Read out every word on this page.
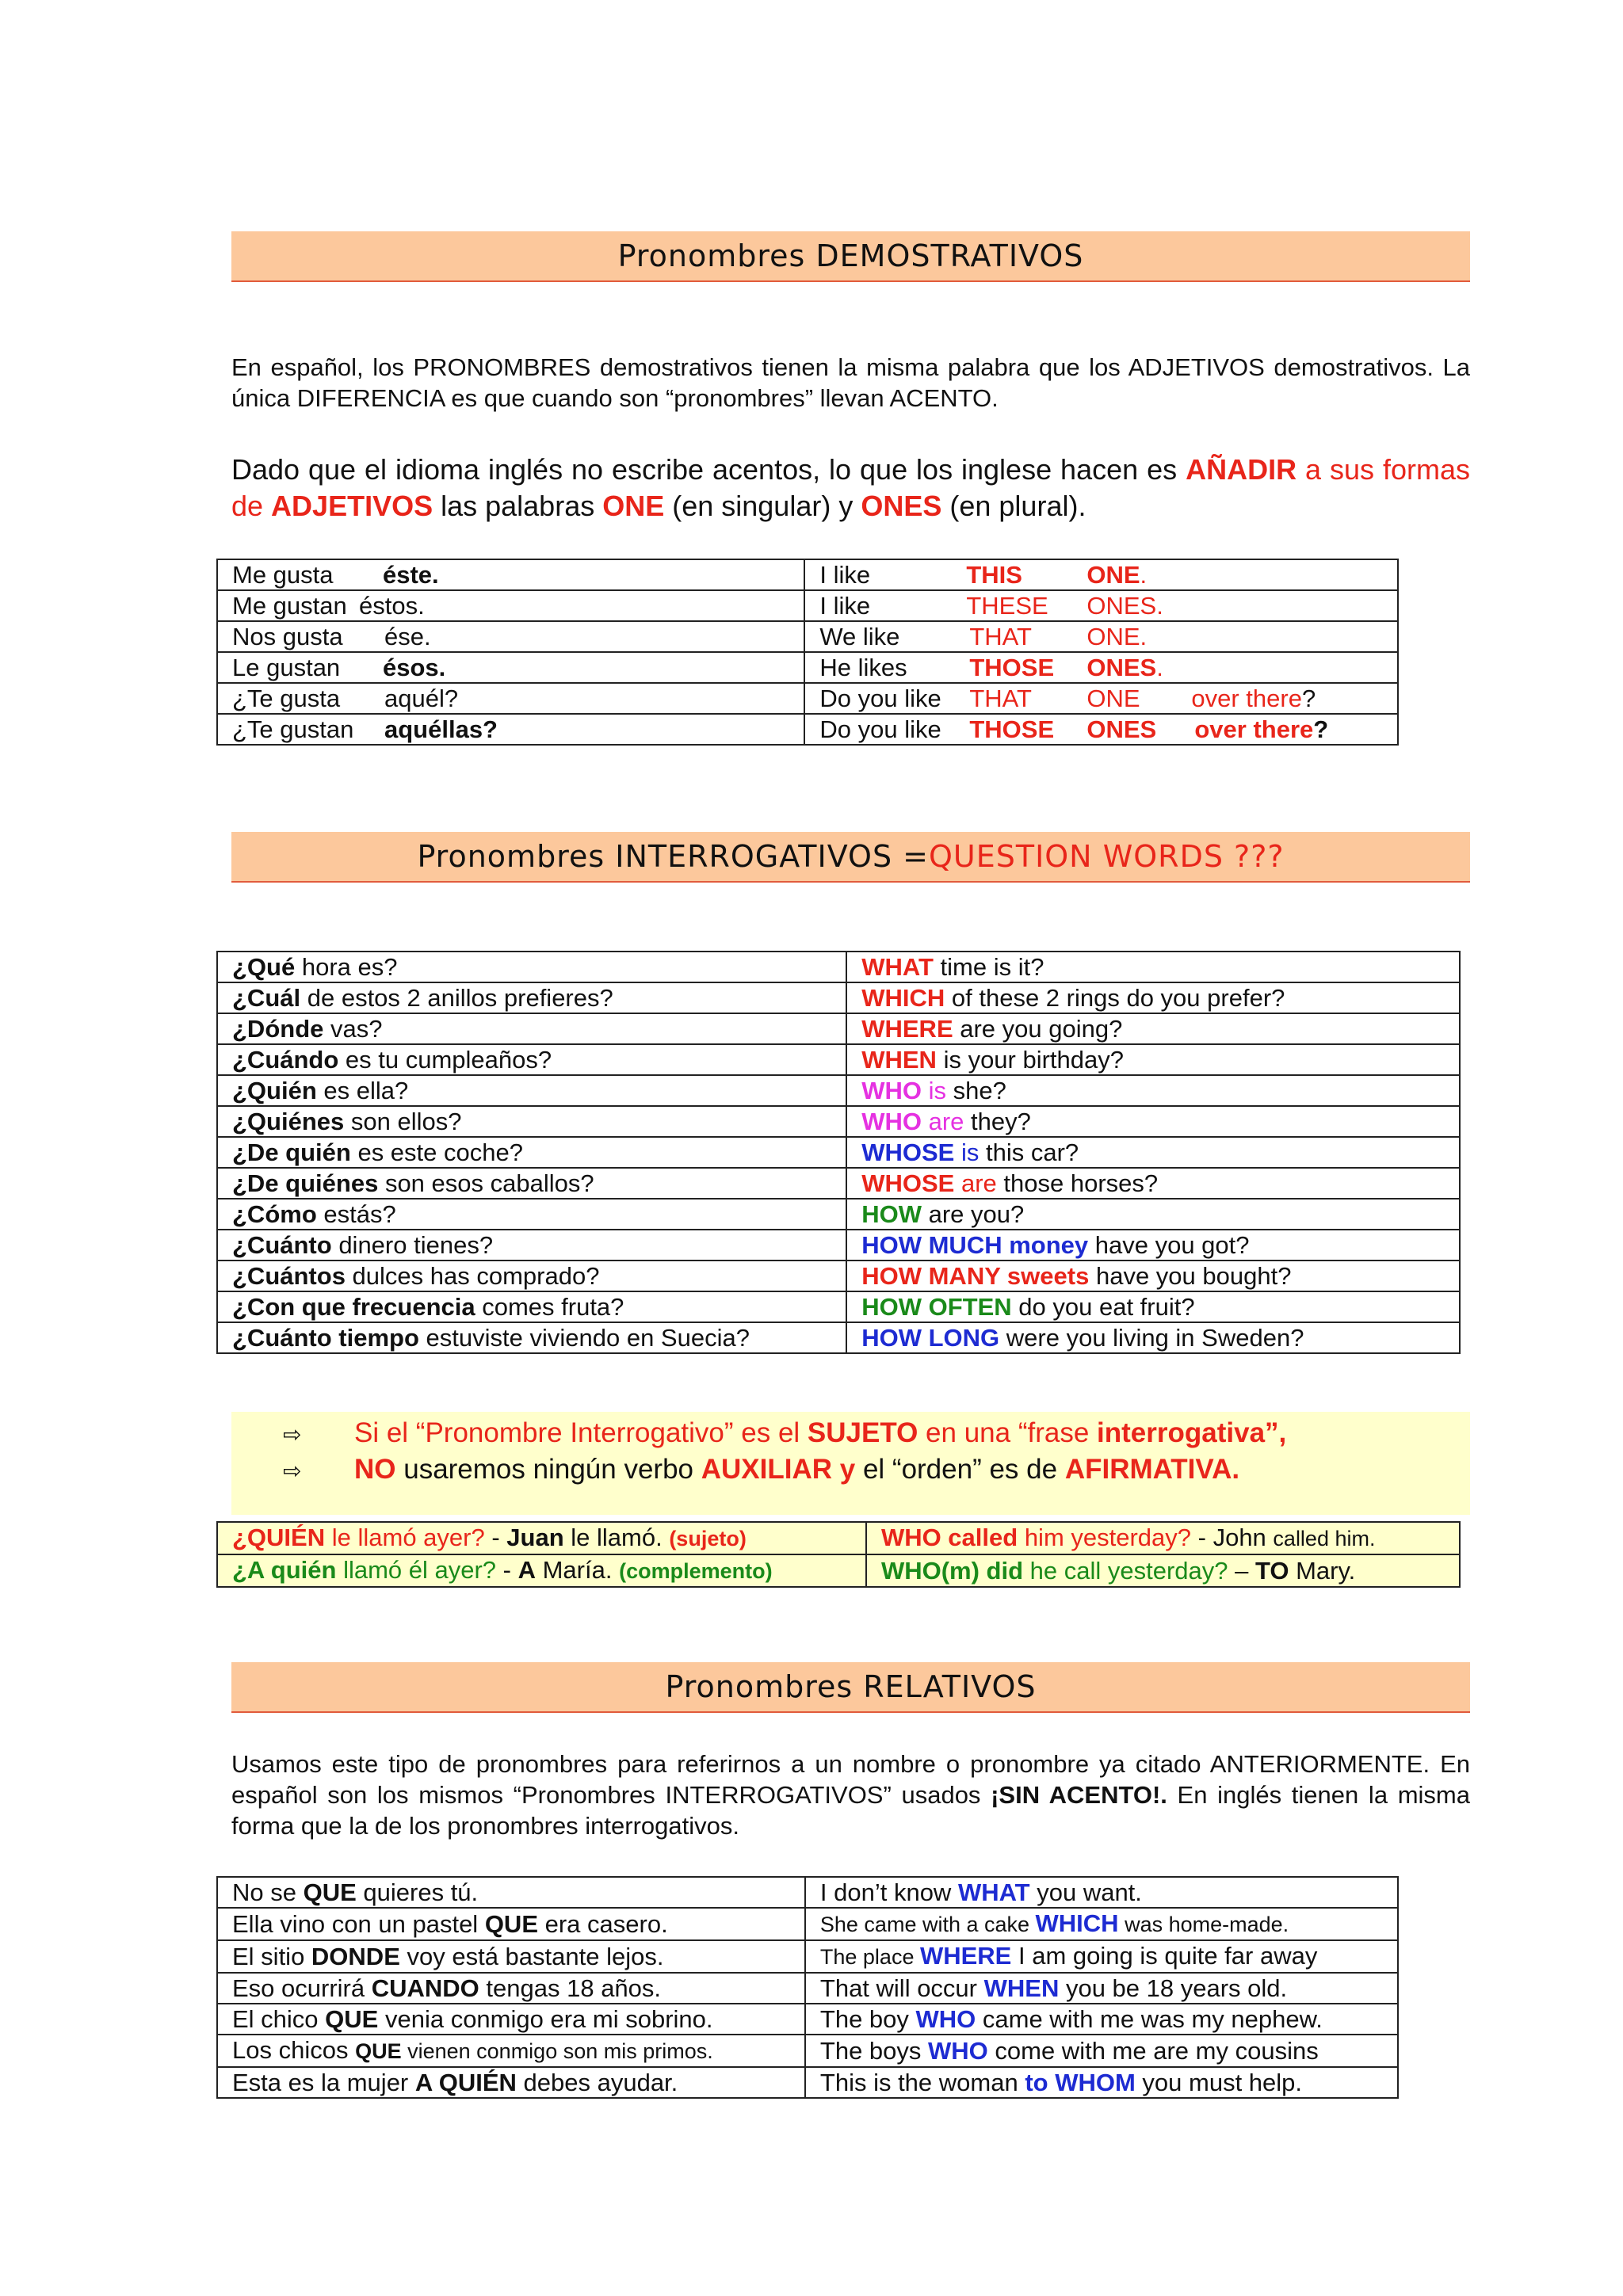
Pronombres DEMOSTRATIVOS
En español, los PRONOMBRES demostrativos tienen la misma palabra que los ADJETIVOS demostrativos. La única DIFERENCIA es que cuando son “pronombres” llevan ACENTO.
Dado que el idioma inglés no escribe acentos, lo que los inglese hacen es AÑADIR a sus formas de ADJETIVOS las palabras ONE (en singular) y ONES (en plural).
Me gusta éste.	I like THIS ONE.
Me gustan éstos.	I like THESE ONES.
Nos gusta ése.	We like THAT ONE.
Le gustan ésos.	He likes THOSE ONES.
¿Te gusta aquél?	Do you like THAT ONE over there?
¿Te gustan aquéllas?	Do you like THOSE ONES over there?
Pronombres INTERROGATIVOS = QUESTION WORDS ???
¿Qué hora es?	WHAT time is it?
¿Cuál de estos 2 anillos prefieres?	WHICH of these 2 rings do you prefer?
¿Dónde vas?	WHERE are you going?
¿Cuándo es tu cumpleaños?	WHEN is your birthday?
¿Quién es ella?	WHO is she?
¿Quiénes son ellos?	WHO are they?
¿De quién es este coche?	WHOSE is this car?
¿De quiénes son esos caballos?	WHOSE are those horses?
¿Cómo estás?	HOW are you?
¿Cuánto dinero tienes?	HOW MUCH money have you got?
¿Cuántos dulces has comprado?	HOW MANY sweets have you bought?
¿Con que frecuencia comes fruta?	HOW OFTEN do you eat fruit?
¿Cuánto tiempo estuviste viviendo en Suecia?	HOW LONG were you living in Sweden?
⇨ Si el “Pronombre Interrogativo” es el SUJETO en una “frase interrogativa”,
⇨ NO usaremos ningún verbo AUXILIAR y el “orden” es de AFIRMATIVA.
¿QUIÉN le llamó ayer? - Juan le llamó. (sujeto)	WHO called him yesterday? - John called him.
¿A quién llamó él ayer? - A María. (complemento)	WHO(m) did he call yesterday? – TO Mary.
Pronombres RELATIVOS
Usamos este tipo de pronombres para referirnos a un nombre o pronombre ya citado ANTERIORMENTE. En español son los mismos “Pronombres INTERROGATIVOS” usados ¡SIN ACENTO!. En inglés tienen la misma forma que la de los pronombres interrogativos.
No se QUE quieres tú.	I don’t know WHAT you want.
Ella vino con un pastel QUE era casero.	She came with a cake WHICH was home-made.
El sitio DONDE voy está bastante lejos.	The place WHERE I am going is quite far away
Eso ocurrirá CUANDO tengas 18 años.	That will occur WHEN you be 18 years old.
El chico QUE venia conmigo era mi sobrino.	The boy WHO came with me was my nephew.
Los chicos QUE vienen conmigo son mis primos.	The boys WHO come with me are my cousins
Esta es la mujer A QUIÉN debes ayudar.	This is the woman to WHOM you must help.
